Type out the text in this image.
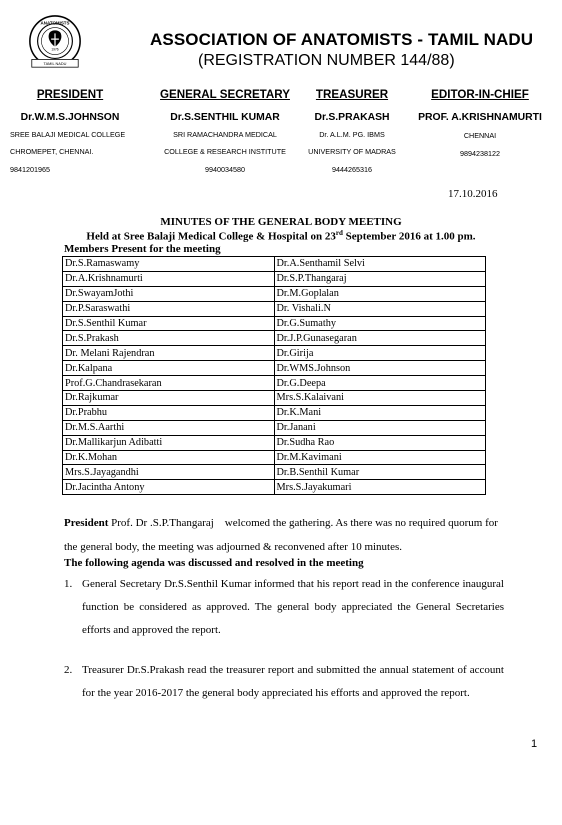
ANATOMISTS
1976
TAMIL NADU
ASSOCIATION OF ANATOMISTS - TAMIL NADU
(REGISTRATION NUMBER 144/88)
PRESIDENT
Dr.W.M.S.JOHNSON
SREE BALAJI MEDICAL COLLEGE
CHROMEPET, CHENNAI.
9841201965
GENERAL SECRETARY
Dr.S.SENTHIL KUMAR
SRI RAMACHANDRA MEDICAL
COLLEGE & RESEARCH INSTITUTE
9940034580
TREASURER
Dr.S.PRAKASH
Dr. A.L.M. PG. IBMS
UNIVERSITY OF MADRAS
9444265316
EDITOR-IN-CHIEF
PROF. A.KRISHNAMURTI
CHENNAI
9894238122
17.10.2016
MINUTES OF THE GENERAL BODY MEETING
Held at Sree Balaji Medical College & Hospital on 23rd September 2016 at 1.00 pm.
Members Present for the meeting
Dr.S.Ramaswamy	Dr.A.Senthamil Selvi
Dr.A.Krishnamurti	Dr.S.P.Thangaraj
Dr.SwayamJothi	Dr.M.Goplalan
Dr.P.Saraswathi	Dr. Vishali.N
Dr.S.Senthil Kumar	Dr.G.Sumathy
Dr.S.Prakash	Dr.J.P.Gunasegaran
Dr. Melani Rajendran	Dr.Girija
Dr.Kalpana	Dr.WMS.Johnson
Prof.G.Chandrasekaran	Dr.G.Deepa
Dr.Rajkumar	Mrs.S.Kalaivani
Dr.Prabhu	Dr.K.Mani
Dr.M.S.Aarthi	Dr.Janani
Dr.Mallikarjun Adibatti	Dr.Sudha Rao
Dr.K.Mohan	Dr.M.Kavimani
Mrs.S.Jayagandhi	Dr.B.Senthil Kumar
Dr.Jacintha Antony	Mrs.S.Jayakumari
President Prof. Dr .S.P.Thangaraj    welcomed the gathering. As there was no required quorum for the general body, the meeting was adjourned & reconvened after 10 minutes.
The following agenda was discussed and resolved in the meeting
1. General Secretary Dr.S.Senthil Kumar informed that his report read in the conference inaugural function be considered as approved. The general body appreciated the General Secretaries efforts and approved the report.
2. Treasurer Dr.S.Prakash read the treasurer report and submitted the annual statement of account for the year 2016-2017 the general body appreciated his efforts and approved the report.
1
